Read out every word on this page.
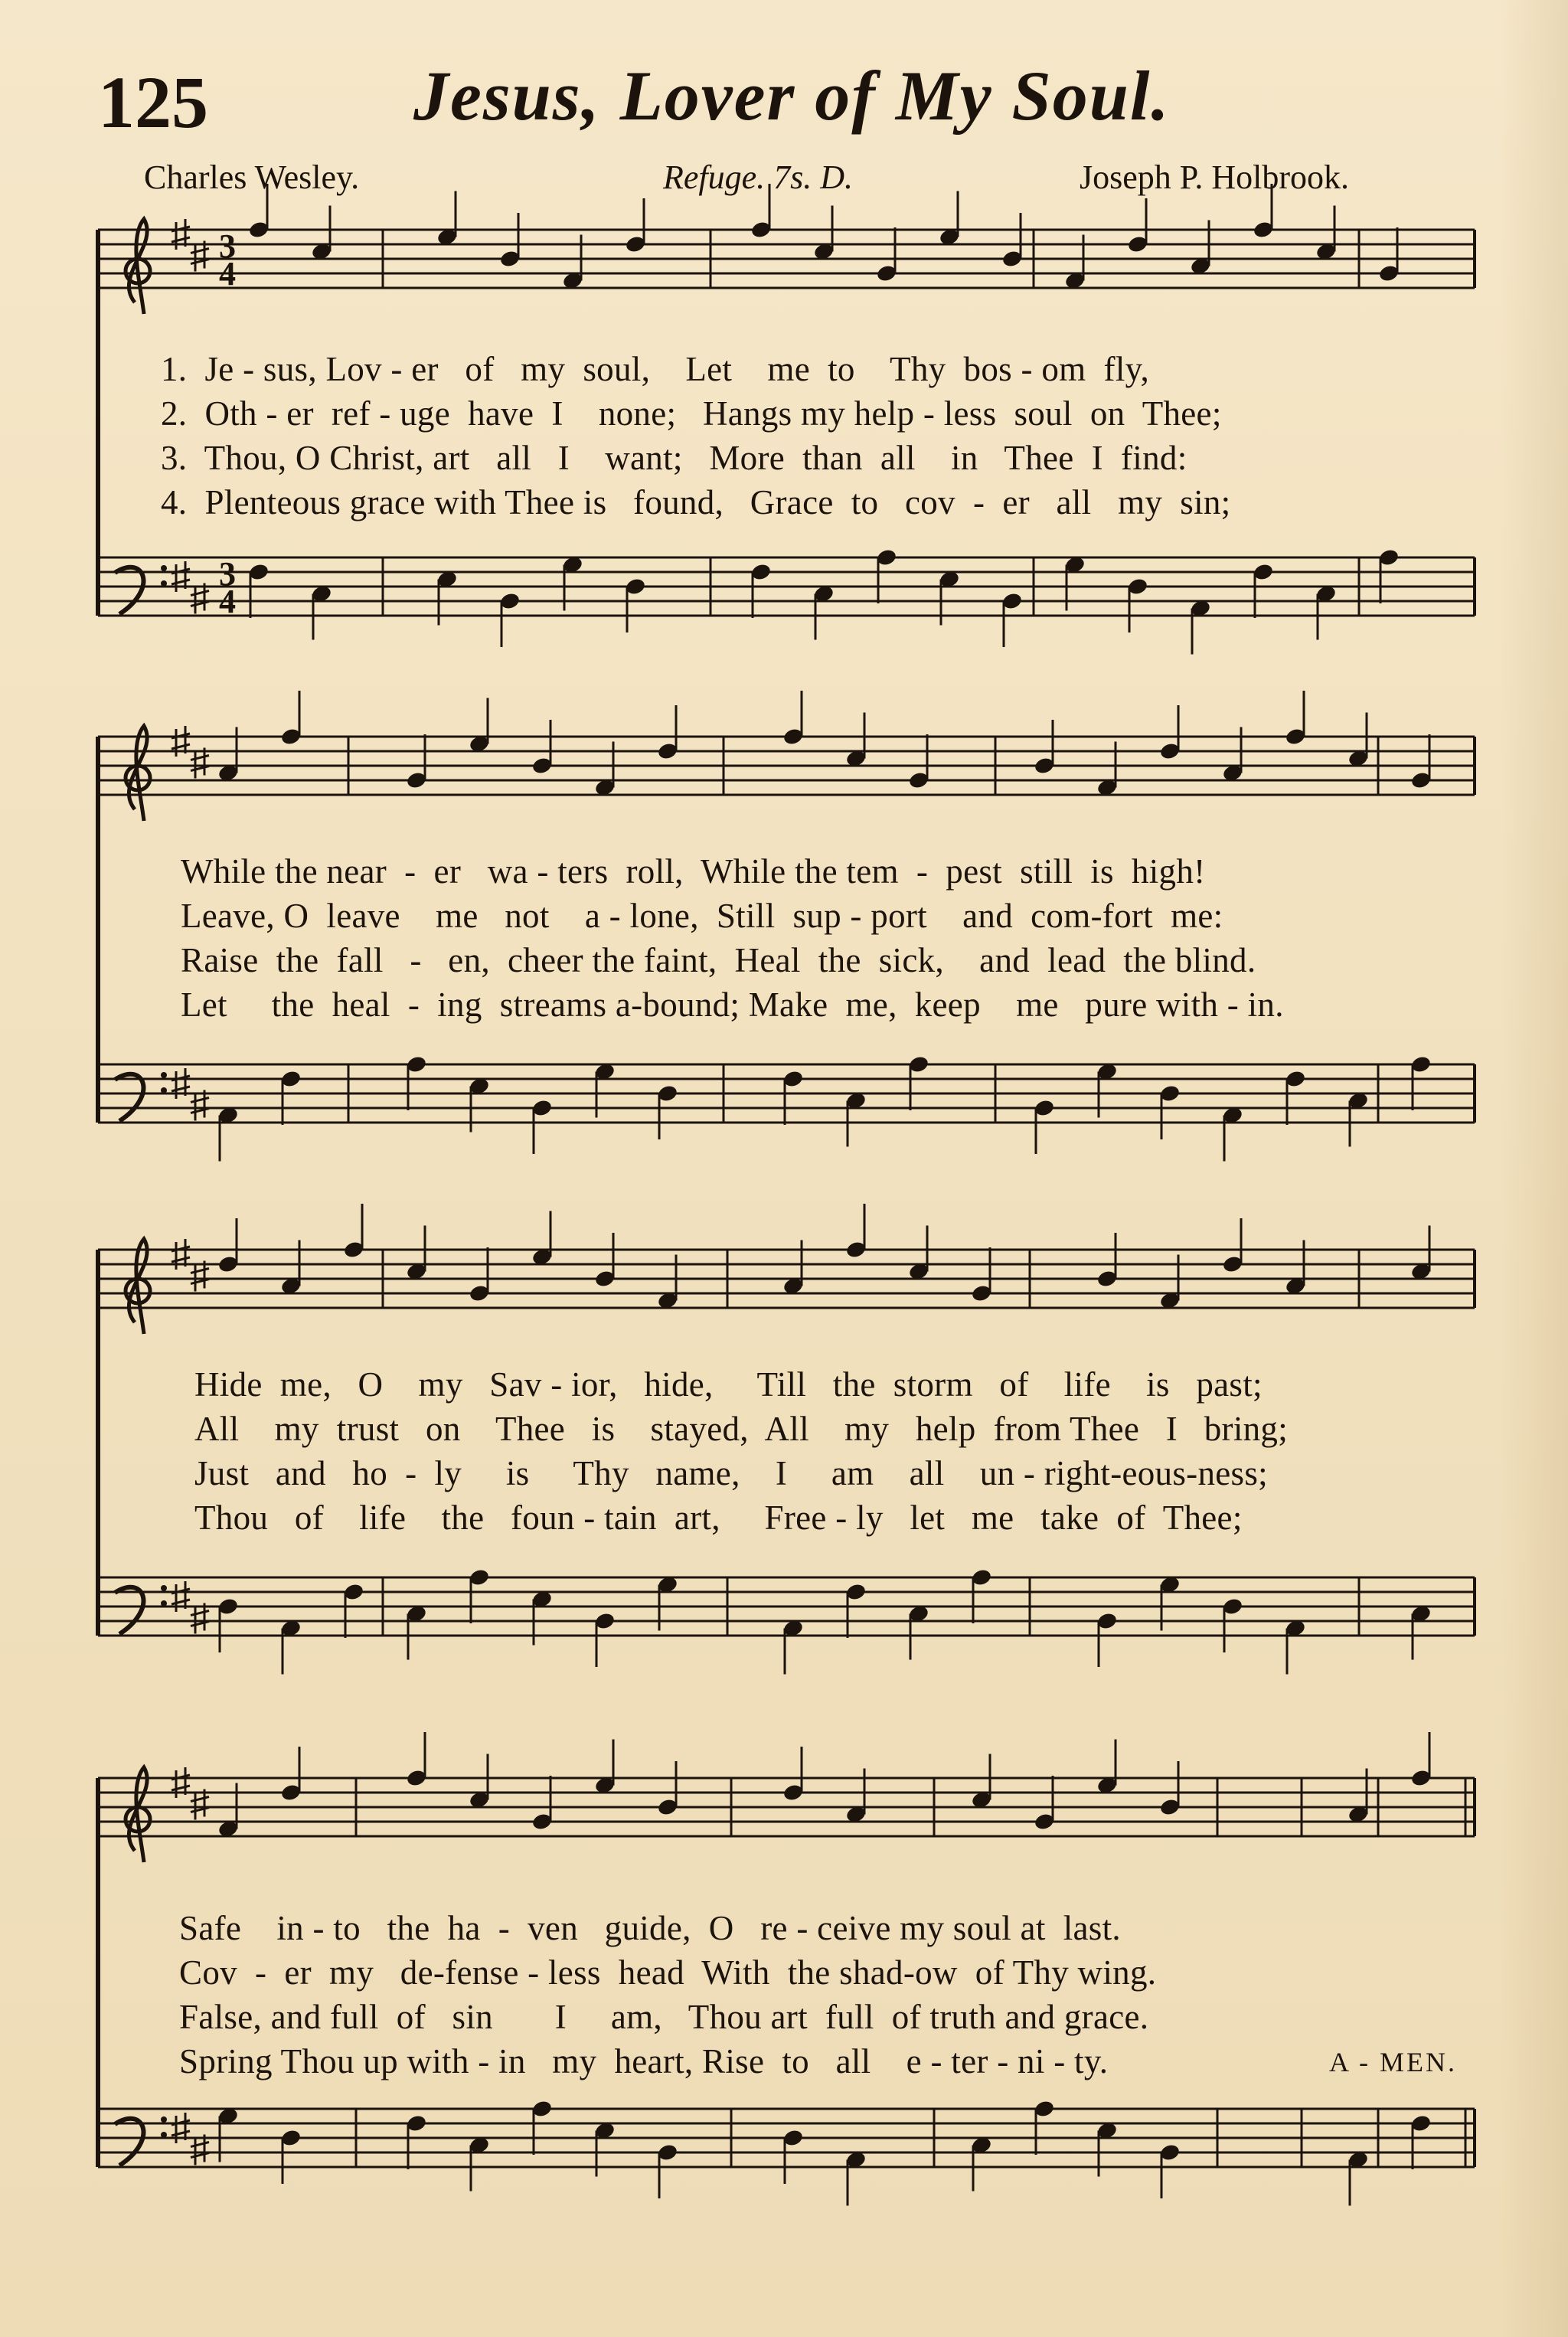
125	Jesus, Lover of My Soul.
Charles Wesley.	Refuge. 7s. D.	Joseph P. Holbrook.
3
3
4
4
1.  Je - sus, Lov - er   of   my  soul,    Let    me  to    Thy  bos - om  fly,
2.  Oth - er  ref - uge  have  I    none;   Hangs my help - less  soul  on  Thee;
3.  Thou, O Christ, art   all   I    want;   More  than  all    in   Thee  I  find:
4.  Plenteous grace with Thee is   found,   Grace  to   cov  -  er   all   my  sin;
While the near  -  er   wa - ters  roll,  While the tem  -  pest  still  is  high!
Leave, O  leave    me   not    a - lone,  Still  sup - port    and  com-fort  me:
Raise  the  fall   -   en,  cheer the faint,  Heal  the  sick,    and  lead  the blind.
Let     the  heal  -  ing  streams a-bound; Make  me,  keep    me   pure with - in.
Hide  me,   O    my   Sav - ior,   hide,     Till   the  storm   of    life    is   past;
All    my  trust   on    Thee   is    stayed,  All    my   help  from Thee   I   bring;
Just   and   ho  -  ly     is     Thy   name,    I     am    all    un - right-eous-ness;
Thou   of    life    the   foun - tain  art,     Free - ly   let   me   take  of  Thee;
Safe    in - to   the  ha  -  ven   guide,  O   re - ceive my soul at  last.
Cov  -  er  my   de-fense - less  head  With  the shad-ow  of Thy wing.
False, and full  of   sin       I     am,   Thou art  full  of truth and grace.
Spring Thou up with - in   my  heart, Rise  to   all    e - ter - ni - ty.	A - MEN.
